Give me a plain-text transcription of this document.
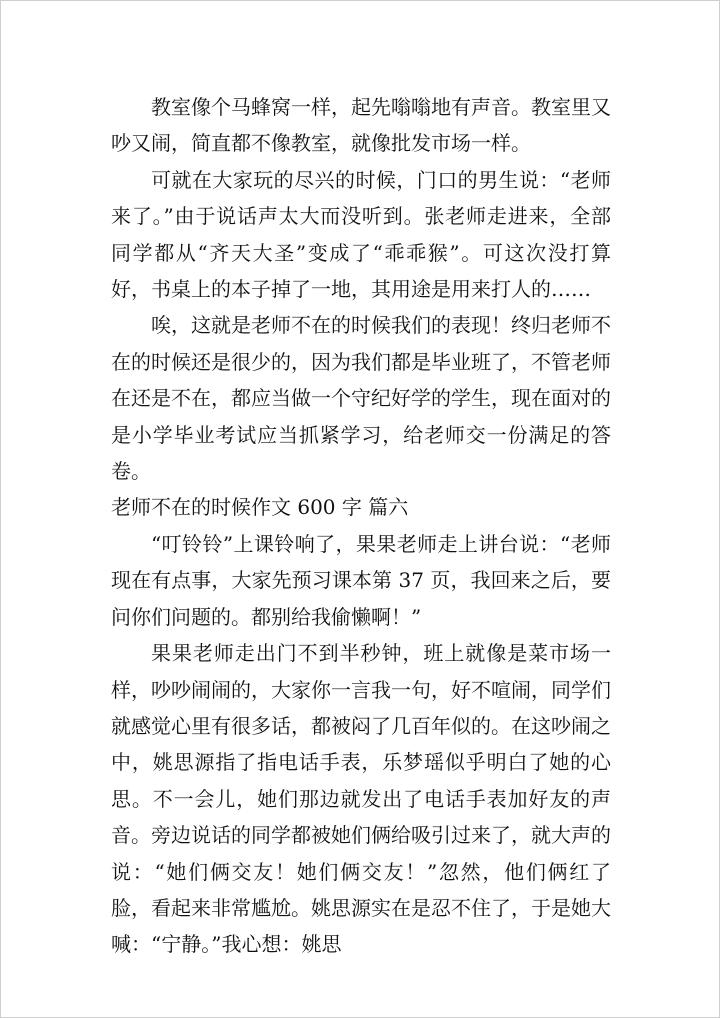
教室像个马蜂窝一样，起先嗡嗡地有声音。教室里又吵又闹，简直都不像教室，就像批发市场一样。

可就在大家玩的尽兴的时候，门口的男生说：“老师来了。”由于说话声太大而没听到。张老师走进来，全部同学都从“齐天大圣”变成了“乖乖猴”。可这次没打算好，书桌上的本子掉了一地，其用途是用来打人的……

唉，这就是老师不在的时候我们的表现！终归老师不在的时候还是很少的，因为我们都是毕业班了，不管老师在还是不在，都应当做一个守纪好学的学生，现在面对的是小学毕业考试应当抓紧学习，给老师交一份满足的答卷。

老师不在的时候作文 600 字 篇六

“叮铃铃”上课铃响了，果果老师走上讲台说：“老师现在有点事，大家先预习课本第 37 页，我回来之后，要问你们问题的。都别给我偷懒啊！”

果果老师走出门不到半秒钟，班上就像是菜市场一样，吵吵闹闹的，大家你一言我一句，好不喧闹，同学们就感觉心里有很多话，都被闷了几百年似的。在这吵闹之中，姚思源指了指电话手表，乐梦瑶似乎明白了她的心思。不一会儿，她们那边就发出了电话手表加好友的声音。旁边说话的同学都被她们俩给吸引过来了，就大声的说：“她们俩交友！她们俩交友！”忽然，他们俩红了脸，看起来非常尴尬。姚思源实在是忍不住了，于是她大喊：“宁静。”我心想：姚思
